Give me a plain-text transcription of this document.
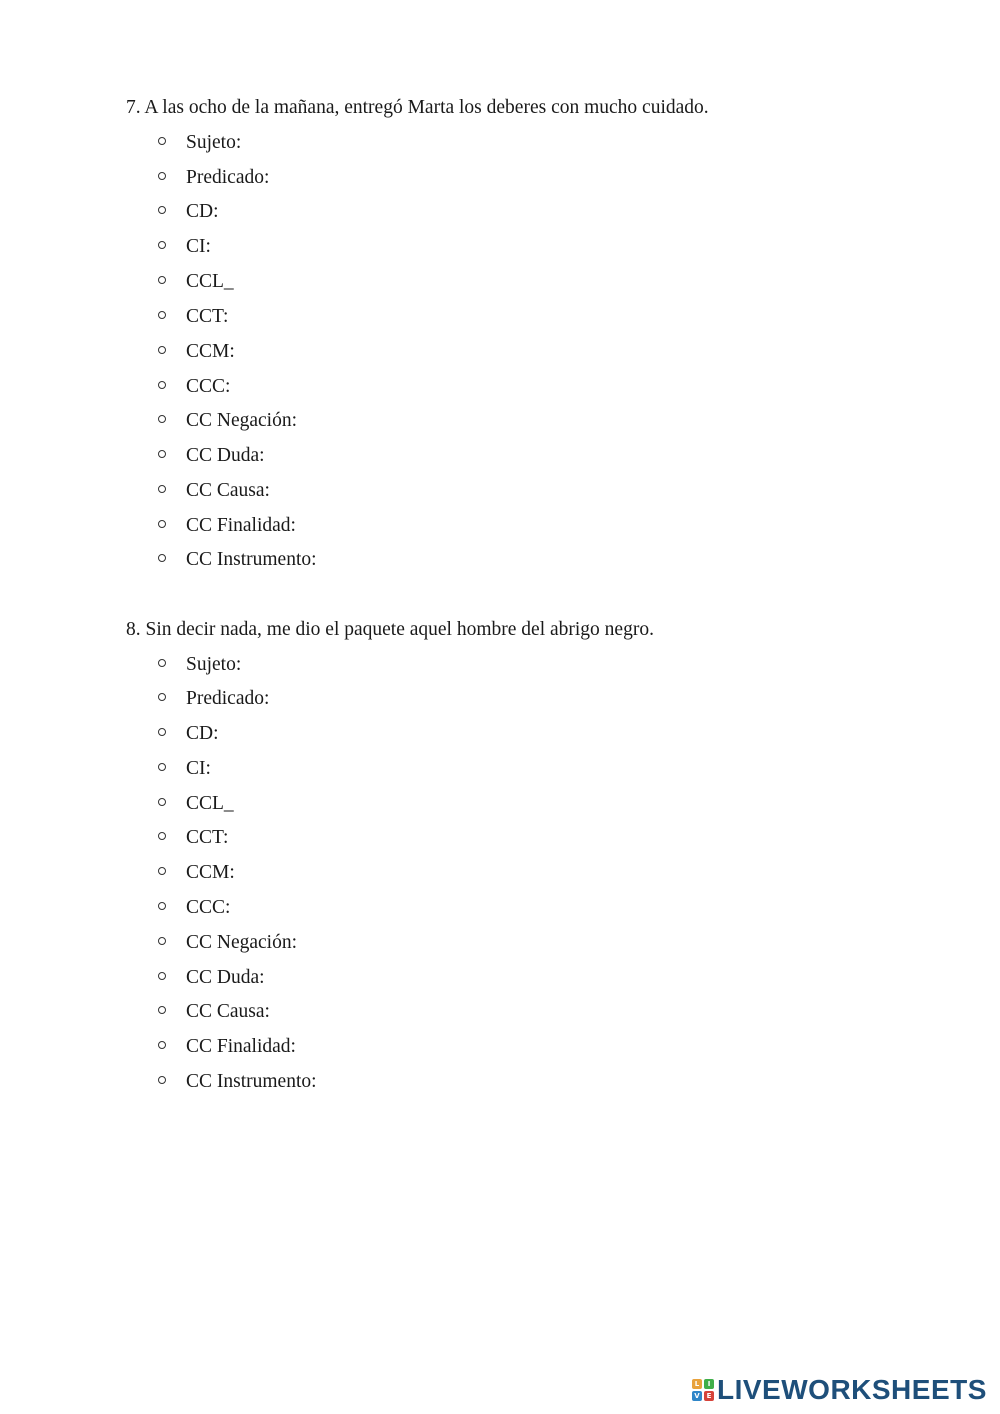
7. A las ocho de la mañana, entregó Marta los deberes con mucho cuidado.
Sujeto:
Predicado:
CD:
CI:
CCL_
CCT:
CCM:
CCC:
CC Negación:
CC Duda:
CC Causa:
CC Finalidad:
CC Instrumento:
8. Sin decir nada, me dio el paquete aquel hombre del abrigo negro.
Sujeto:
Predicado:
CD:
CI:
CCL_
CCT:
CCM:
CCC:
CC Negación:
CC Duda:
CC Causa:
CC Finalidad:
CC Instrumento:
L	I
V E LIVEWORKSHEETS
